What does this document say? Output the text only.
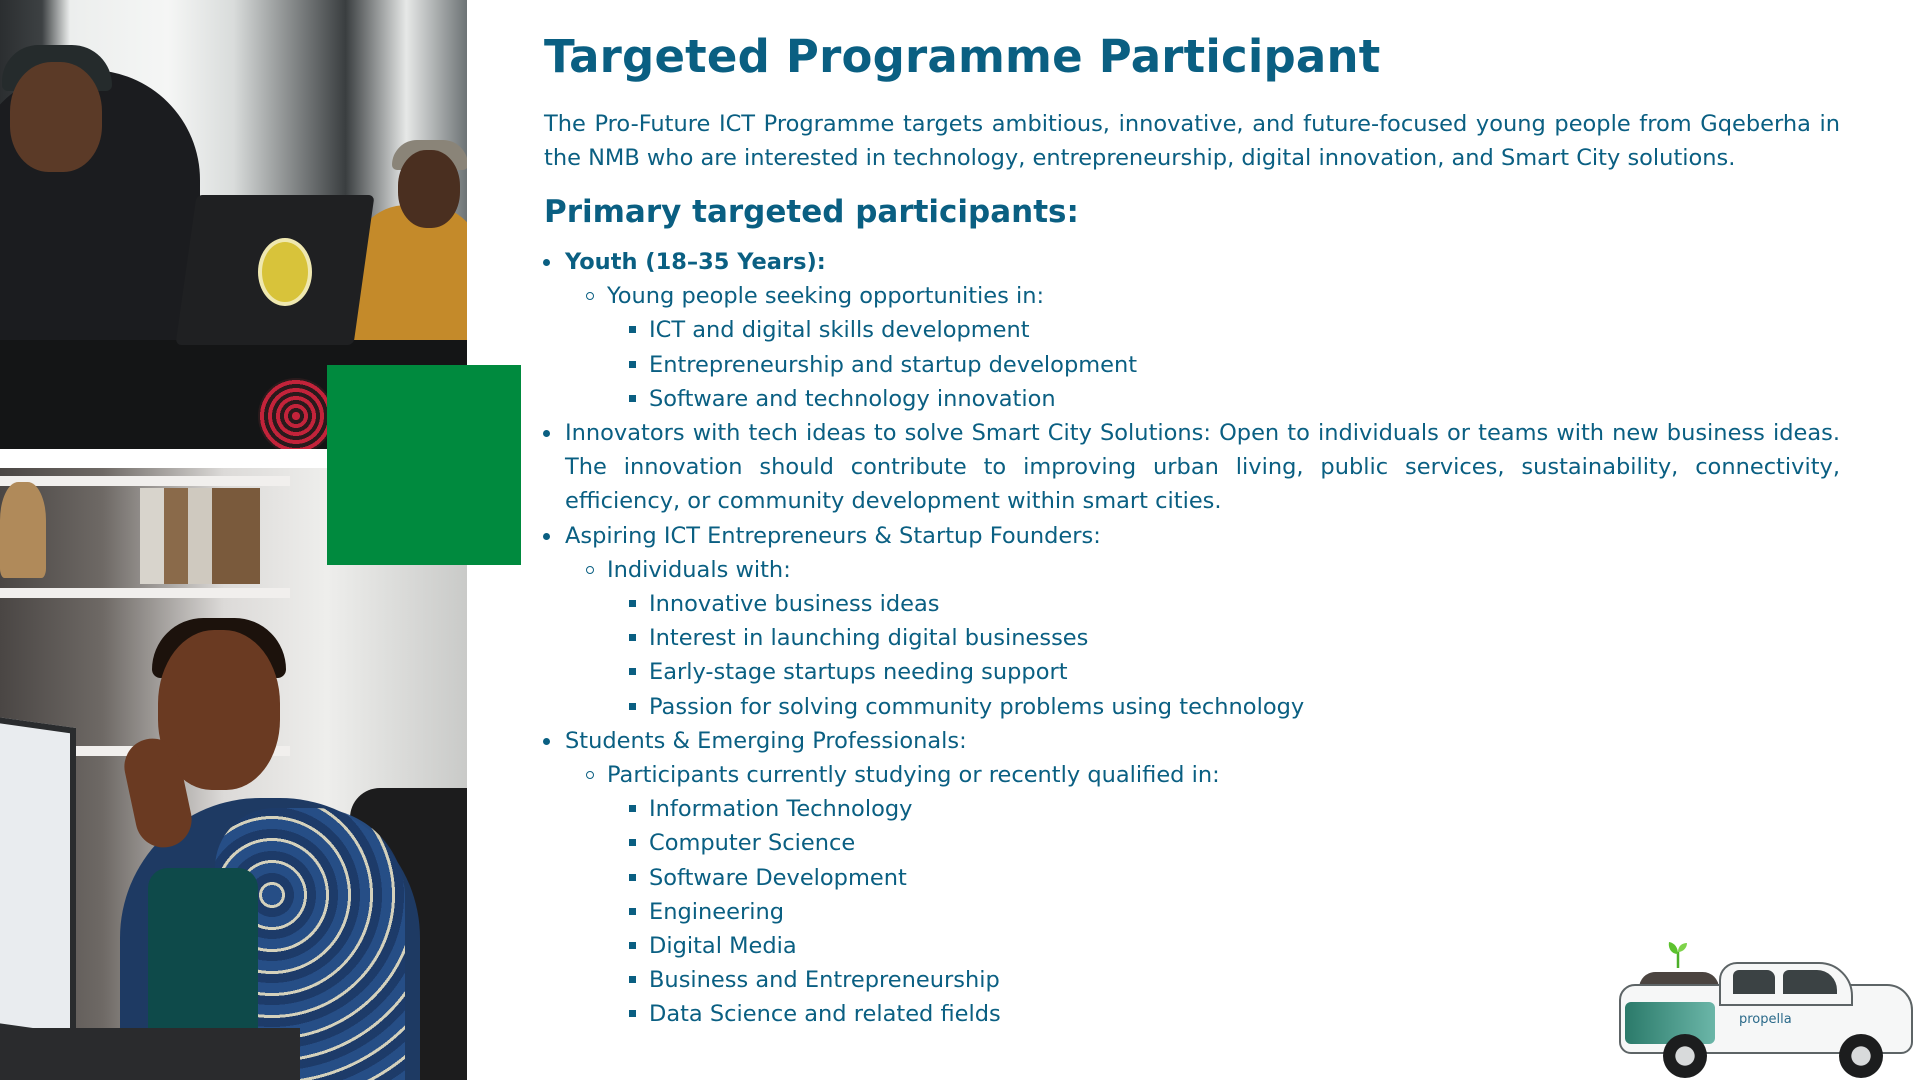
Targeted Programme Participant

The Pro-Future ICT Programme targets ambitious, innovative, and future-focused young people from Gqeberha in the NMB who are interested in technology, entrepreneurship, digital innovation, and Smart City solutions.

Primary targeted participants:
Youth (18–35 Years):
Young people seeking opportunities in:
ICT and digital skills development
Entrepreneurship and startup development
Software and technology innovation
Innovators with tech ideas to solve Smart City Solutions: Open to individuals or teams with new business ideas. The innovation should contribute to improving urban living, public services, sustainability, connectivity, efficiency, or community development within smart cities.
Aspiring ICT Entrepreneurs & Startup Founders:
Individuals with:
Innovative business ideas
Interest in launching digital businesses
Early-stage startups needing support
Passion for solving community problems using technology
Students & Emerging Professionals:
Participants currently studying or recently qualified in:
Information Technology
Computer Science
Software Development
Engineering
Digital Media
Business and Entrepreneurship
Data Science and related fields	propella
